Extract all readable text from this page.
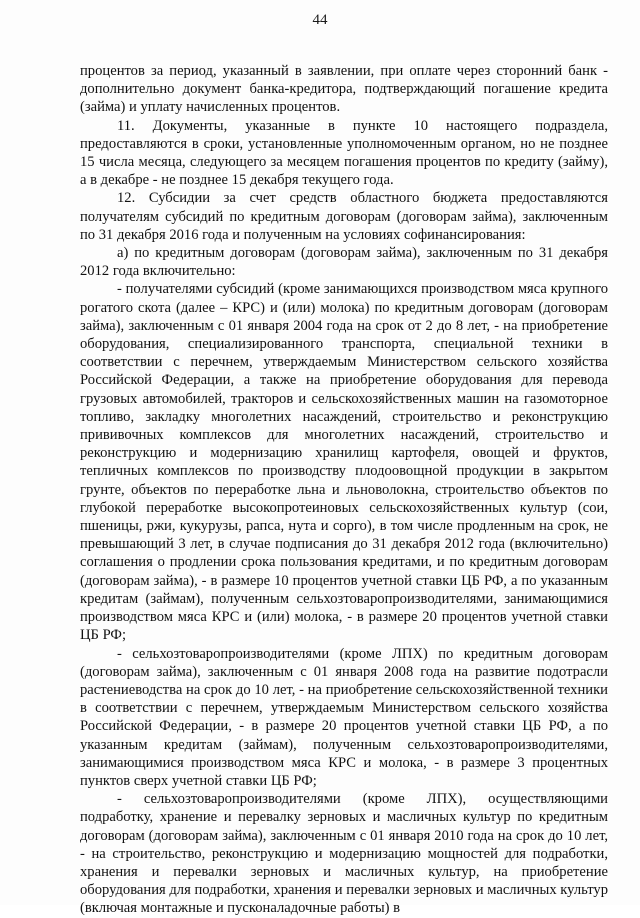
44

процентов за период, указанный в заявлении, при оплате через сторонний банк - дополнительно документ банка-кредитора, подтверждающий погашение кредита (займа) и уплату начисленных процентов.

11. Документы, указанные в пункте 10 настоящего подраздела, предоставляются в сроки, установленные уполномоченным органом, но не позднее 15 числа месяца, следующего за месяцем погашения процентов по кредиту (займу), а в декабре - не позднее 15 декабря текущего года.

12. Субсидии за счет средств областного бюджета предоставляются получателям субсидий по кредитным договорам (договорам займа), заключенным по 31 декабря 2016 года и полученным на условиях софинансирования:

а) по кредитным договорам (договорам займа), заключенным по 31 декабря 2012 года включительно:

- получателями субсидий (кроме занимающихся производством мяса крупного рогатого скота (далее – КРС) и (или) молока) по кредитным договорам (договорам займа), заключенным с 01 января 2004 года на срок от 2 до 8 лет, - на приобретение оборудования, специализированного транспорта, специальной техники в соответствии с перечнем, утверждаемым Министерством сельского хозяйства Российской Федерации, а также на приобретение оборудования для перевода грузовых автомобилей, тракторов и сельскохозяйственных машин на газомоторное топливо, закладку многолетних насаждений, строительство и реконструкцию прививочных комплексов для многолетних насаждений, строительство и реконструкцию и модернизацию хранилищ картофеля, овощей и фруктов, тепличных комплексов по производству плодоовощной продукции в закрытом грунте, объектов по переработке льна и льноволокна, строительство объектов по глубокой переработке высокопротеиновых сельскохозяйственных культур (сои, пшеницы, ржи, кукурузы, рапса, нута и сорго), в том числе продленным на срок, не превышающий 3 лет, в случае подписания до 31 декабря 2012 года (включительно) соглашения о продлении срока пользования кредитами, и по кредитным договорам (договорам займа), - в размере 10 процентов учетной ставки ЦБ РФ, а по указанным кредитам (займам), полученным сельхозтоваропроизводителями, занимающимися производством мяса КРС и (или) молока, - в размере 20 процентов учетной ставки ЦБ РФ;

- сельхозтоваропроизводителями (кроме ЛПХ) по кредитным договорам (договорам займа), заключенным с 01 января 2008 года на развитие подотрасли растениеводства на срок до 10 лет, - на приобретение сельскохозяйственной техники в соответствии с перечнем, утверждаемым Министерством сельского хозяйства Российской Федерации, - в размере 20 процентов учетной ставки ЦБ РФ, а по указанным кредитам (займам), полученным сельхозтоваропроизводителями, занимающимися производством мяса КРС и молока, - в размере 3 процентных пунктов сверх учетной ставки ЦБ РФ;

- сельхозтоваропроизводителями (кроме ЛПХ), осуществляющими подработку, хранение и перевалку зерновых и масличных культур по кредитным договорам (договорам займа), заключенным с 01 января 2010 года на срок до 10 лет, - на строительство, реконструкцию и модернизацию мощностей для подработки, хранения и перевалки зерновых и масличных культур, на приобретение оборудования для подработки, хранения и перевалки зерновых и масличных культур (включая монтажные и пусконаладочные работы) в
